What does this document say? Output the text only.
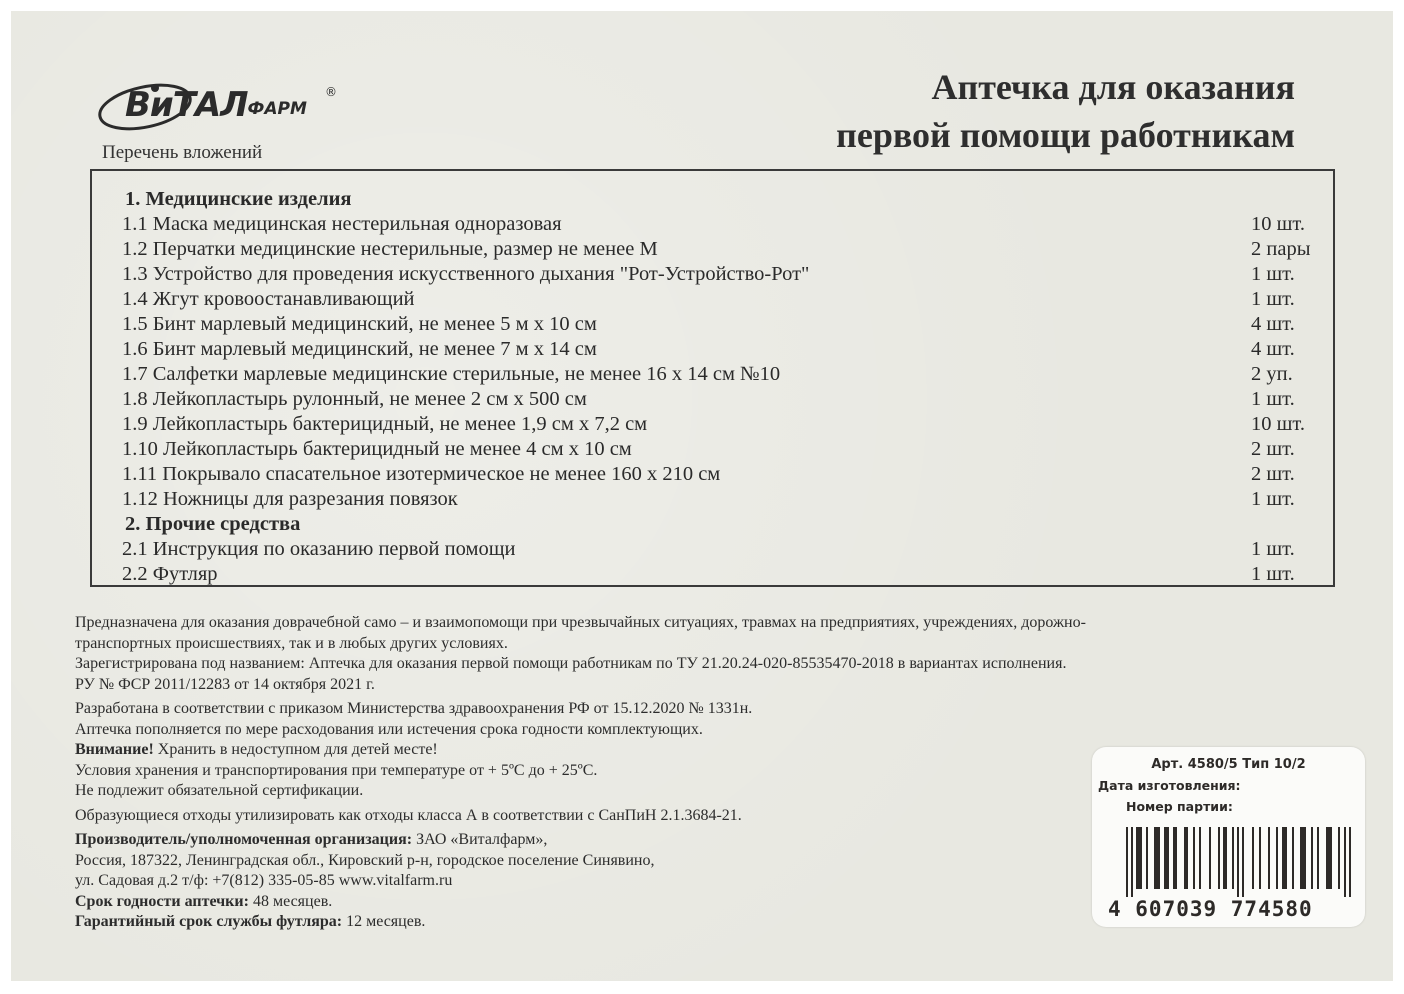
ВиТАЛФАРМ
®
Перечень вложений
Аптечка для оказания
первой помощи работникам
1. Медицинские изделия
1.1 Маска медицинская нестерильная одноразовая	10 шт.
1.2 Перчатки медицинские нестерильные, размер не менее М	2 пары
1.3 Устройство для проведения искусственного дыхания "Рот-Устройство-Рот"	1 шт.
1.4 Жгут кровоостанавливающий	1 шт.
1.5 Бинт марлевый медицинский, не менее 5 м х 10 см	4 шт.
1.6 Бинт марлевый медицинский, не менее 7 м х 14 см	4 шт.
1.7 Салфетки марлевые медицинские стерильные, не менее 16 х 14 см №10	2 уп.
1.8 Лейкопластырь рулонный, не менее 2 см х 500 см	1 шт.
1.9 Лейкопластырь бактерицидный, не менее 1,9 см х 7,2 см	10 шт.
1.10 Лейкопластырь бактерицидный не менее 4 см х 10 см	2 шт.
1.11 Покрывало спасательное изотермическое не менее 160 х 210 см	2 шт.
1.12 Ножницы для разрезания повязок	1 шт.
2. Прочие средства
2.1 Инструкция по оказанию первой помощи	1 шт.
2.2 Футляр	1 шт.

Предназначена для оказания доврачебной само – и взаимопомощи при чрезвычайных ситуациях, травмах на предприятиях, учреждениях, дорожно-

транспортных происшествиях, так и в любых других условиях.

Зарегистрирована под названием: Аптечка для оказания первой помощи работникам по ТУ 21.20.24-020-85535470-2018 в вариантах исполнения.

РУ № ФСР 2011/12283 от 14 октября 2021 г.

Разработана в соответствии с приказом Министерства здравоохранения РФ от 15.12.2020 № 1331н.

Аптечка пополняется по мере расходования или истечения срока годности комплектующих.

Внимание! Хранить в недоступном для детей месте!

Условия хранения и транспортирования при температуре от + 5ºС до + 25ºС.

Не подлежит обязательной сертификации.

Образующиеся отходы утилизировать как отходы класса А в соответствии с СанПиН 2.1.3684-21.

Производитель/уполномоченная организация: ЗАО «Виталфарм»,

Россия, 187322, Ленинградская обл., Кировский р-н, городское поселение Синявино,

ул. Садовая д.2 т/ф: +7(812) 335-05-85 www.vitalfarm.ru

Срок годности аптечки: 48 месяцев.

Гарантийный срок службы футляра: 12 месяцев.

Арт. 4580/5 Тип 10/2
Дата изготовления:
Номер партии:
4 607039 774580
